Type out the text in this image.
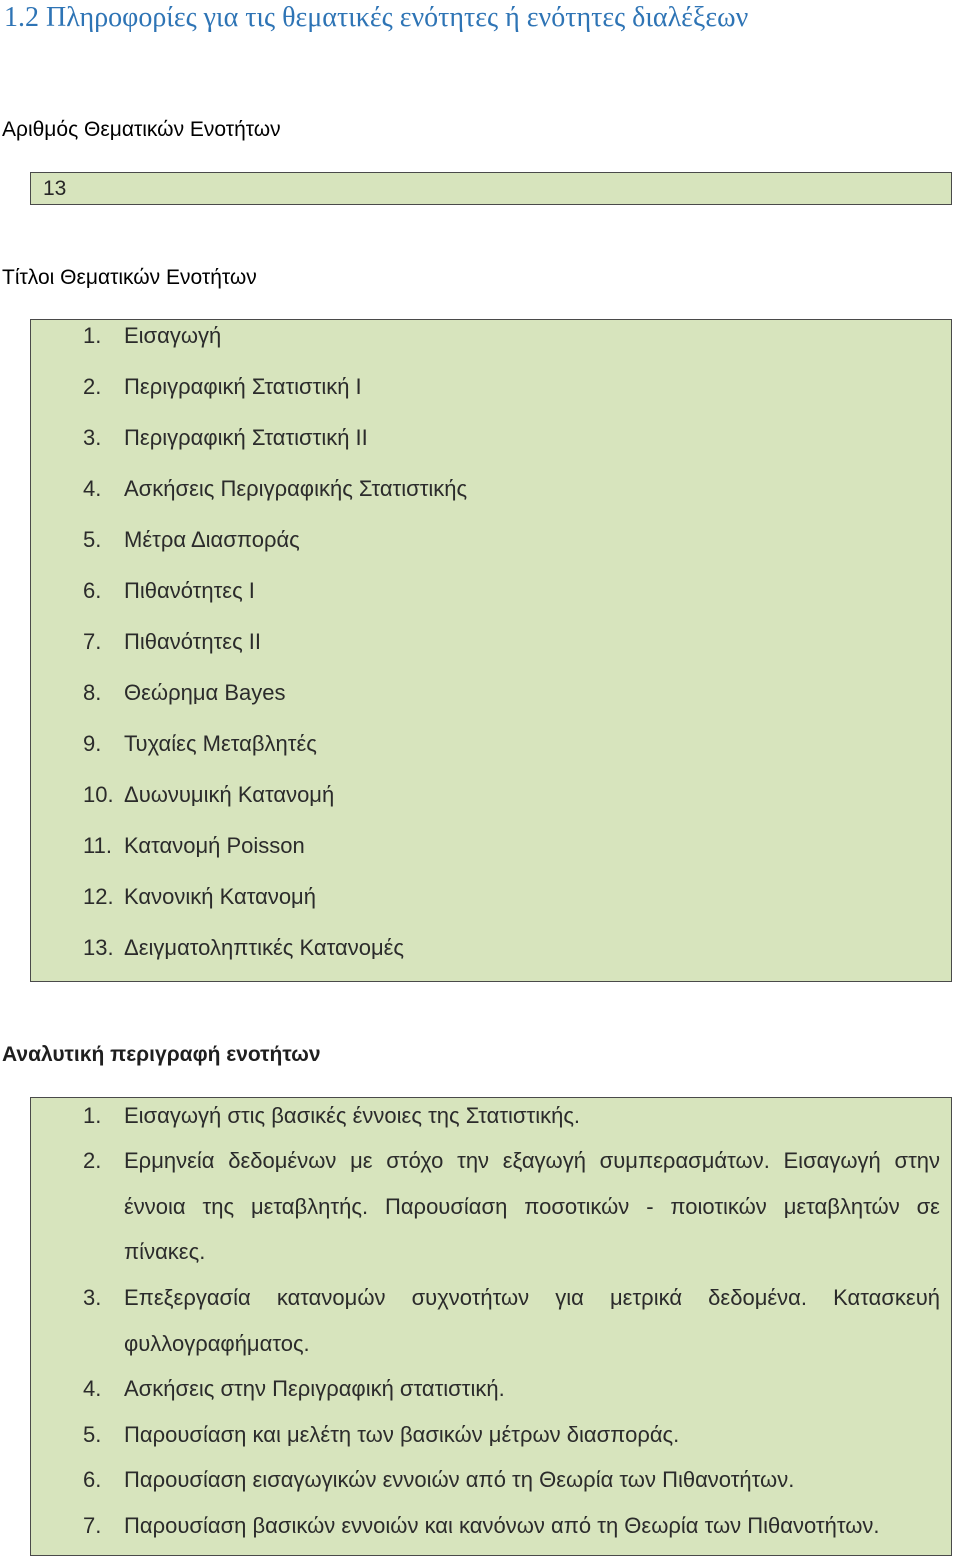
1.2 Πληροφορίες για τις θεματικές ενότητες ή ενότητες διαλέξεων
Αριθμός Θεματικών Ενοτήτων
13
Τίτλοι Θεματικών Ενοτήτων
1. Εισαγωγή
2. Περιγραφική Στατιστική Ι
3. Περιγραφική Στατιστική ΙΙ
4. Ασκήσεις Περιγραφικής Στατιστικής
5. Μέτρα Διασποράς
6. Πιθανότητες Ι
7. Πιθανότητες ΙΙ
8. Θεώρημα Bayes
9. Τυχαίες Μεταβλητές
10. Δυωνυμική Κατανομή
11. Κατανομή Poisson
12. Κανονική Κατανομή
13. Δειγματοληπτικές Κατανομές
Αναλυτική περιγραφή ενοτήτων
1. Εισαγωγή στις βασικές έννοιες της Στατιστικής.
2. Ερμηνεία δεδομένων με στόχο την εξαγωγή συμπερασμάτων. Εισαγωγή στην έννοια της μεταβλητής. Παρουσίαση ποσοτικών - ποιοτικών μεταβλητών σε πίνακες.
3. Επεξεργασία κατανομών συχνοτήτων για μετρικά δεδομένα. Κατασκευή φυλλογραφήματος.
4. Ασκήσεις στην Περιγραφική στατιστική.
5. Παρουσίαση και μελέτη των βασικών μέτρων διασποράς.
6. Παρουσίαση εισαγωγικών εννοιών από τη Θεωρία των Πιθανοτήτων.
7. Παρουσίαση βασικών εννοιών και κανόνων από τη Θεωρία των Πιθανοτήτων.
